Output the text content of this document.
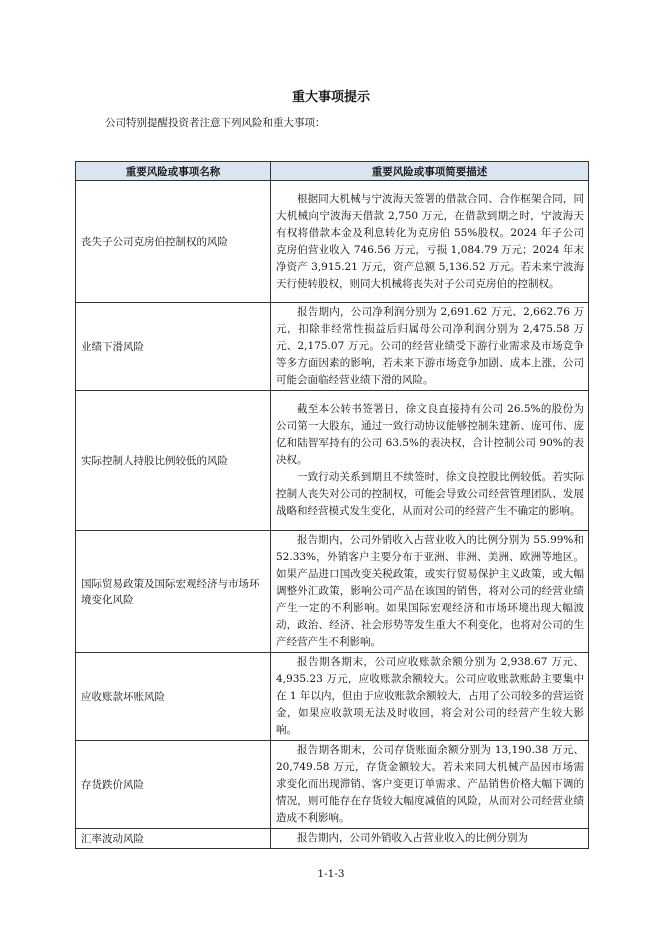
重大事项提示
公司特别提醒投资者注意下列风险和重大事项：
重要风险或事项名称	重要风险或事项简要描述
丧失子公司克房伯控制权的风险	根据同大机械与宁波海天签署的借款合同、合作框架合同，同大机械向宁波海天借款 2,750 万元，在借款到期之时，宁波海天有权将借款本金及利息转化为克房伯 55%股权。2024 年子公司克房伯营业收入 746.56 万元，亏损 1,084.79 万元；2024 年末净资产 3,915.21 万元，资产总额 5,136.52 万元。若未来宁波海天行使转股权，则同大机械将丧失对子公司克房伯的控制权。
业绩下滑风险	报告期内，公司净利润分别为 2,691.62 万元、2,662.76 万元，扣除非经常性损益后归属母公司净利润分别为 2,475.58 万元、2,175.07 万元。公司的经营业绩受下游行业需求及市场竞争等多方面因素的影响，若未来下游市场竞争加剧、成本上涨，公司可能会面临经营业绩下滑的风险。
实际控制人持股比例较低的风险	截至本公转书签署日，徐文良直接持有公司 26.5%的股份为公司第一大股东，通过一致行动协议能够控制朱建新、庞可伟、庞亿和陆智军持有的公司 63.5%的表决权，合计控制公司 90%的表决权。

一致行动关系到期且不续签时，徐文良控股比例较低。若实际控制人丧失对公司的控制权，可能会导致公司经营管理团队、发展战略和经营模式发生变化，从而对公司的经营产生不确定的影响。

国际贸易政策及国际宏观经济与市场环境变化风险	报告期内，公司外销收入占营业收入的比例分别为 55.99%和 52.33%，外销客户主要分布于亚洲、非洲、美洲、欧洲等地区。如果产品进口国改变关税政策，或实行贸易保护主义政策，或大幅调整外汇政策，影响公司产品在该国的销售，将对公司的经营业绩产生一定的不利影响。如果国际宏观经济和市场环境出现大幅波动，政治、经济、社会形势等发生重大不利变化，也将对公司的生产经营产生不利影响。
应收账款坏账风险	报告期各期末，公司应收账款余额分别为 2,938.67 万元、4,935.23 万元，应收账款余额较大。公司应收账款账龄主要集中在 1 年以内，但由于应收账款余额较大，占用了公司较多的营运资金，如果应收款项无法及时收回，将会对公司的经营产生较大影响。
存货跌价风险	报告期各期末，公司存货账面余额分别为 13,190.38 万元、20,749.58 万元，存货金额较大。若未来同大机械产品因市场需求变化而出现滞销、客户变更订单需求、产品销售价格大幅下调的情况，则可能存在存货较大幅度减值的风险，从而对公司经营业绩造成不利影响。
汇率波动风险	报告期内，公司外销收入占营业收入的比例分别为
1-1-3
